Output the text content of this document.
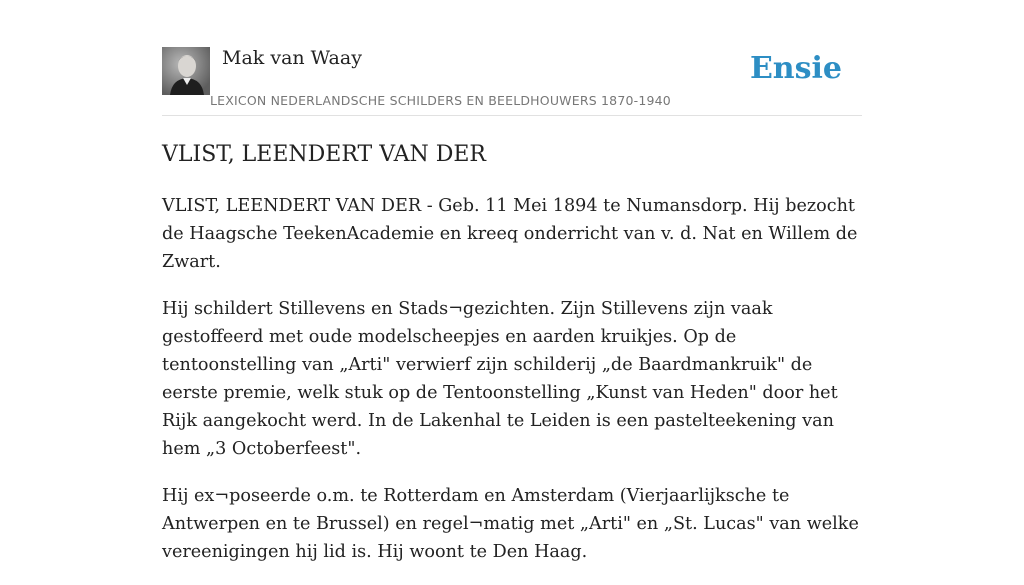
Mak van Waay
LEXICON NEDERLANDSCHE SCHILDERS EN BEELDHOUWERS 1870-1940
Ensie
VLIST, LEENDERT VAN DER

VLIST, LEENDERT VAN DER - Geb. 11 Mei 1894 te Numansdorp. Hij bezocht de Haagsche TeekenAcademie en kreeq onderricht van v. d. Nat en Willem de Zwart.

Hij schildert Stillevens en Stads¬gezichten. Zijn Stillevens zijn vaak gestoffeerd met oude modelscheepjes en aarden kruikjes. Op de tentoonstelling van „Arti" verwierf zijn schilderij „de Baardmankruik" de eerste premie, welk stuk op de Tentoonstelling „Kunst van Heden" door het Rijk aangekocht werd. In de Lakenhal te Leiden is een pastelteekening van hem „3 Octoberfeest".

Hij ex¬poseerde o.m. te Rotterdam en Amsterdam (Vierjaarlijksche te Antwerpen en te Brussel) en regel¬matig met „Arti" en „St. Lucas" van welke vereenigingen hij lid is. Hij woont te Den Haag.
